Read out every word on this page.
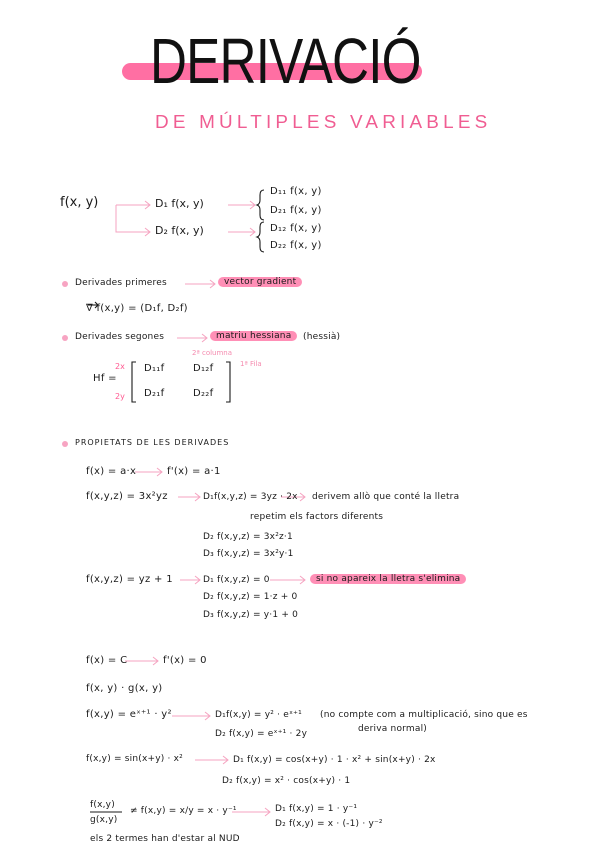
DERIVACIÓ
DE MÚLTIPLES VARIABLES
f(x, y)	D₁ f(x, y)
D₂ f(x, y)
D₁₁ f(x, y)
D₂₁ f(x, y)
D₁₂ f(x, y)
D₂₂ f(x, y)
Derivades primeres	vector gradient
∇ f(x,y) = (D₁f, D₂f)
Derivades segones	matriu hessiana	(hessià)
2ª columna
1ª Fila
Hf =
2x
2y
D₁₁f	D₁₂f
D₂₁f	D₂₂f
PROPIETATS DE LES DERIVADES
f(x) = a·x	f'(x) = a·1
f(x,y,z) = 3x²yz	D₁f(x,y,z) = 3yz · 2x derivem allò que conté la lletra
repetim els factors diferents
D₂ f(x,y,z) = 3x²z·1
D₃ f(x,y,z) = 3x²y·1
f(x,y,z) = yz + 1	D₁ f(x,y,z) = 0	si no apareix la lletra s'elimina
D₂ f(x,y,z) = 1·z + 0
D₃ f(x,y,z) = y·1 + 0
f(x) = C	f'(x) = 0
f(x, y) · g(x, y)
f(x,y) = eˣ⁺¹ · y²	D₁f(x,y) = y² · eˣ⁺¹ (no compte com a multiplicació, sino que es
deriva normal)
D₂ f(x,y) = eˣ⁺¹ · 2y
f(x,y) = sin(x+y) · x²	D₁ f(x,y) = cos(x+y) · 1 · x² + sin(x+y) · 2x
D₂ f(x,y) = x² · cos(x+y) · 1
f(x,y)
g(x,y)
≠ f(x,y) = x/y = x · y⁻¹	D₁ f(x,y) = 1 · y⁻¹
D₂ f(x,y) = x · (-1) · y⁻²
els 2 termes han d'estar al NUD
